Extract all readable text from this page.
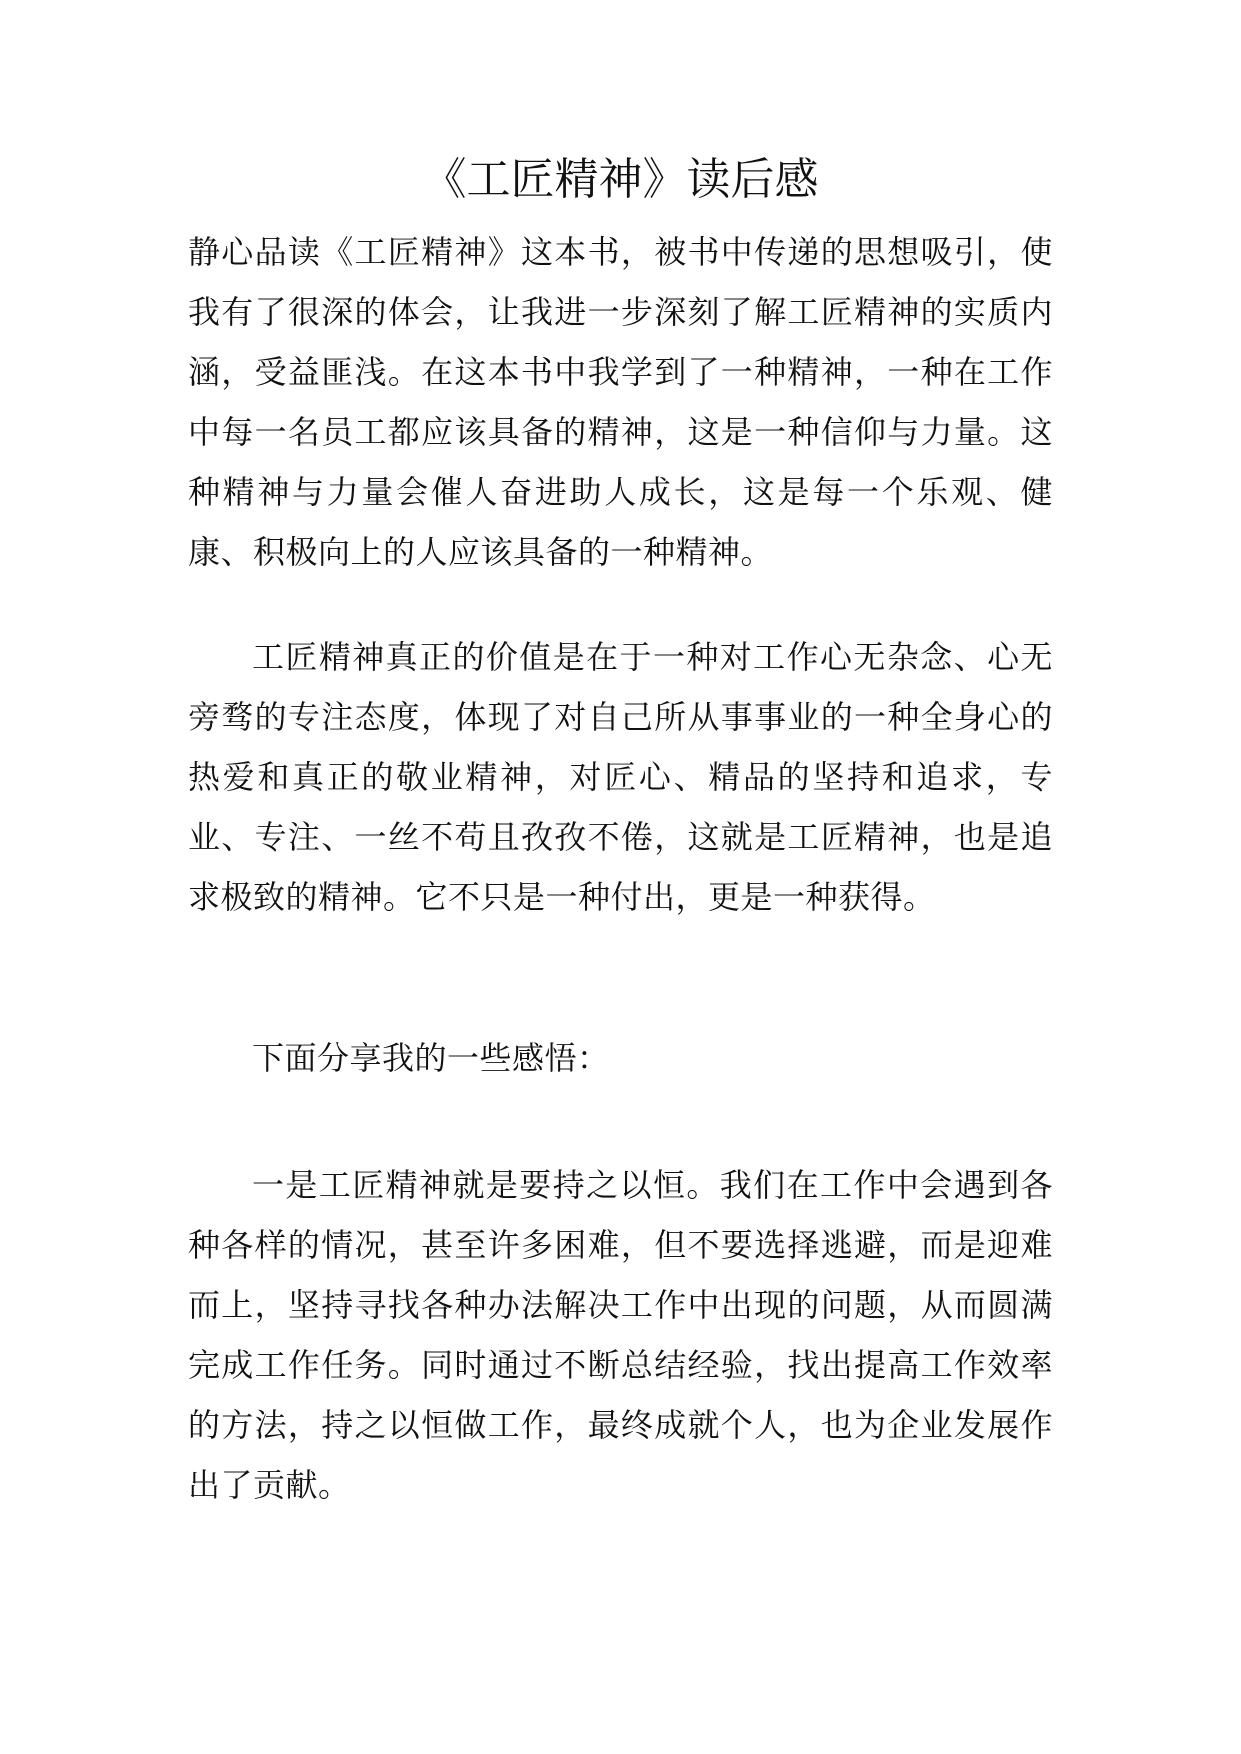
《工匠精神》读后感

静心品读《工匠精神》这本书，被书中传递的思想吸引，使我有了很深的体会，让我进一步深刻了解工匠精神的实质内涵，受益匪浅。在这本书中我学到了一种精神，一种在工作中每一名员工都应该具备的精神，这是一种信仰与力量。这种精神与力量会催人奋进助人成长，这是每一个乐观、健康、积极向上的人应该具备的一种精神。

工匠精神真正的价值是在于一种对工作心无杂念、心无旁骛的专注态度，体现了对自己所从事事业的一种全身心的热爱和真正的敬业精神，对匠心、精品的坚持和追求，专业、专注、一丝不苟且孜孜不倦，这就是工匠精神，也是追求极致的精神。它不只是一种付出，更是一种获得。

下面分享我的一些感悟：

一是工匠精神就是要持之以恒。我们在工作中会遇到各种各样的情况，甚至许多困难，但不要选择逃避，而是迎难而上，坚持寻找各种办法解决工作中出现的问题，从而圆满完成工作任务。同时通过不断总结经验，找出提高工作效率的方法，持之以恒做工作，最终成就个人，也为企业发展作出了贡献。
